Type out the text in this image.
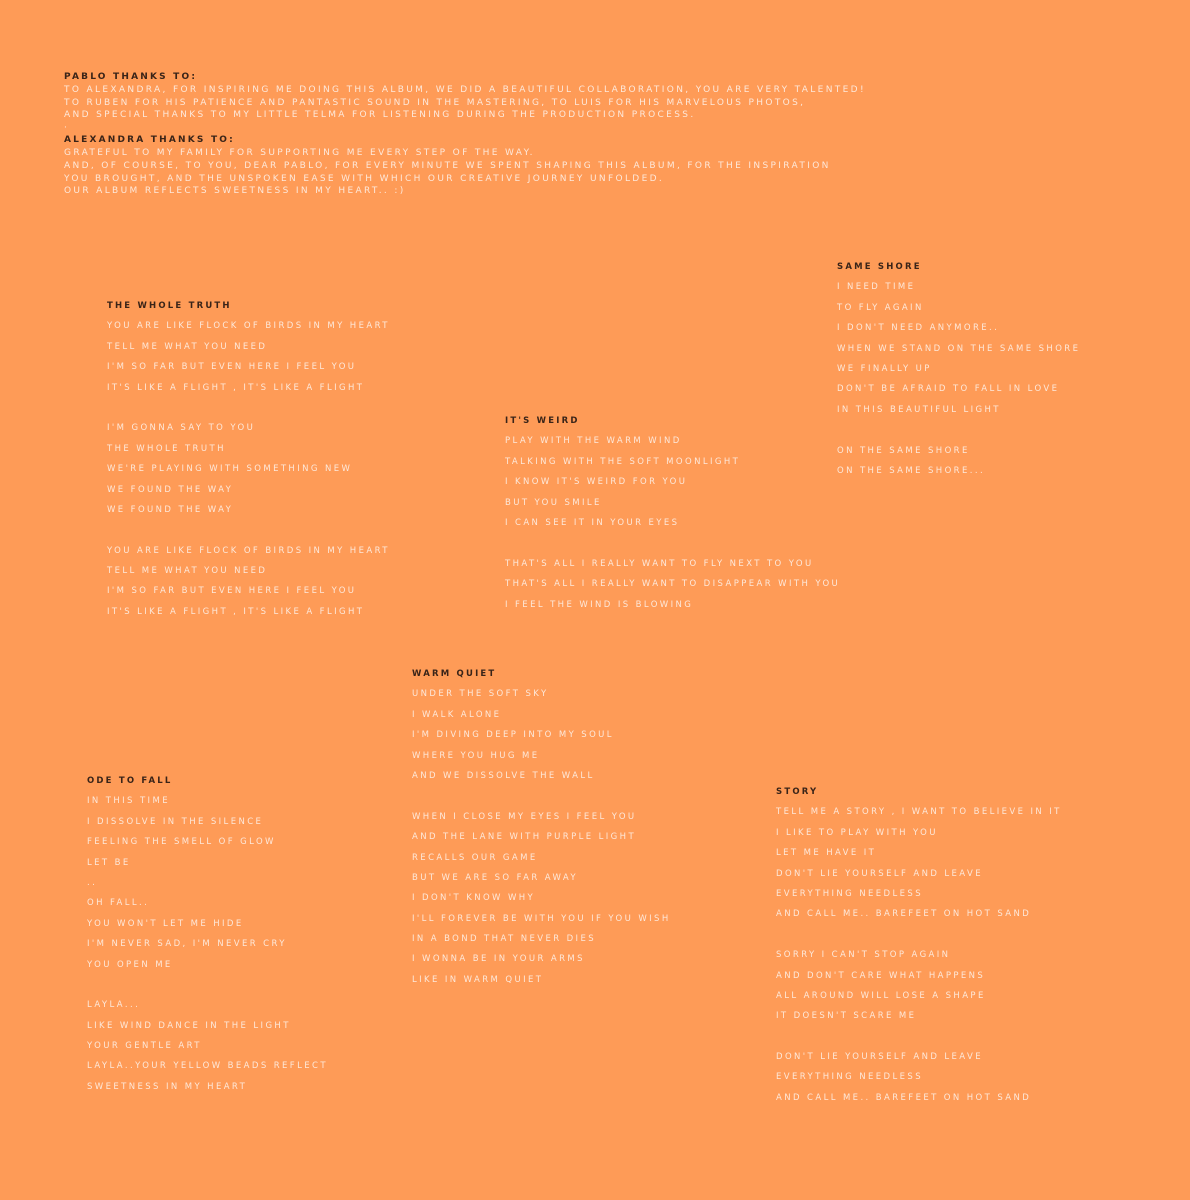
PABLO THANKS TO:
TO ALEXANDRA, FOR INSPIRING ME DOING THIS ALBUM, WE DID A BEAUTIFUL COLLABORATION, YOU ARE VERY TALENTED!
TO RUBEN FOR HIS PATIENCE AND PANTASTIC SOUND IN THE MASTERING, TO LUIS FOR HIS MARVELOUS PHOTOS,
AND SPECIAL THANKS TO MY LITTLE TELMA FOR LISTENING DURING THE PRODUCTION PROCESS.
·
ALEXANDRA THANKS TO:
GRATEFUL TO MY FAMILY FOR SUPPORTING ME EVERY STEP OF THE WAY.
AND, OF COURSE, TO YOU, DEAR PABLO, FOR EVERY MINUTE WE SPENT SHAPING THIS ALBUM, FOR THE INSPIRATION
YOU BROUGHT, AND THE UNSPOKEN EASE WITH WHICH OUR CREATIVE JOURNEY UNFOLDED.
OUR ALBUM REFLECTS SWEETNESS IN MY HEART.. :)
THE WHOLE TRUTH
YOU ARE LIKE FLOCK OF BIRDS IN MY HEART
TELL ME WHAT YOU NEED
I'M SO FAR BUT EVEN HERE I FEEL YOU
IT'S LIKE A FLIGHT , IT'S LIKE A FLIGHT
I'M GONNA SAY TO YOU
THE WHOLE TRUTH
WE'RE PLAYING WITH SOMETHING NEW
WE FOUND THE WAY
WE FOUND THE WAY
YOU ARE LIKE FLOCK OF BIRDS IN MY HEART
TELL ME WHAT YOU NEED
I'M SO FAR BUT EVEN HERE I FEEL YOU
IT'S LIKE A FLIGHT , IT'S LIKE A FLIGHT
SAME SHORE
I NEED TIME
TO FLY AGAIN
I DON'T NEED ANYMORE..
WHEN WE STAND ON THE SAME SHORE
WE FINALLY UP
DON'T BE AFRAID TO FALL IN LOVE
IN THIS BEAUTIFUL LIGHT
ON THE SAME SHORE
ON THE SAME SHORE...
IT'S WEIRD
PLAY WITH THE WARM WIND
TALKING WITH THE SOFT MOONLIGHT
I KNOW IT'S WEIRD FOR YOU
BUT YOU SMILE
I CAN SEE IT IN YOUR EYES
THAT'S ALL I REALLY WANT TO FLY NEXT TO YOU
THAT'S ALL I REALLY WANT TO DISAPPEAR WITH YOU
I FEEL THE WIND IS BLOWING
WARM QUIET
UNDER THE SOFT SKY
I WALK ALONE
I'M DIVING DEEP INTO MY SOUL
WHERE YOU HUG ME
AND WE DISSOLVE THE WALL
WHEN I CLOSE MY EYES I FEEL YOU
AND THE LANE WITH PURPLE LIGHT
RECALLS OUR GAME
BUT WE ARE SO FAR AWAY
I DON'T KNOW WHY
I'LL FOREVER BE WITH YOU IF YOU WISH
IN A BOND THAT NEVER DIES
I WONNA BE IN YOUR ARMS
LIKE IN WARM QUIET
ODE TO FALL
IN THIS TIME
I DISSOLVE IN THE SILENCE
FEELING THE SMELL OF GLOW
LET BE
..
OH FALL..
YOU WON'T LET ME HIDE
I'M NEVER SAD, I'M NEVER CRY
YOU OPEN ME
LAYLA...
LIKE WIND DANCE IN THE LIGHT
YOUR GENTLE ART
LAYLA..YOUR YELLOW BEADS REFLECT
SWEETNESS IN MY HEART
STORY
TELL ME A STORY , I WANT TO BELIEVE IN IT
I LIKE TO PLAY WITH YOU
LET ME HAVE IT
DON'T LIE YOURSELF AND LEAVE
EVERYTHING NEEDLESS
AND CALL ME.. BAREFEET ON HOT SAND
SORRY I CAN'T STOP AGAIN
AND DON'T CARE WHAT HAPPENS
ALL AROUND WILL LOSE A SHAPE
IT DOESN'T SCARE ME
DON'T LIE YOURSELF AND LEAVE
EVERYTHING NEEDLESS
AND CALL ME.. BAREFEET ON HOT SAND
